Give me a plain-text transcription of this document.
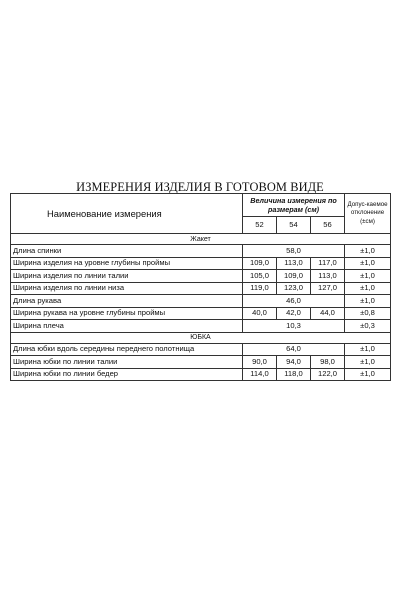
ИЗМЕРЕНИЯ ИЗДЕЛИЯ В ГОТОВОМ ВИДЕ
Наименование измерения	Величина измерения по размерам (см)			Допус-каемое отклонение (±см)
	52	54	56	
Жакет				
Длина спинки	58,0			±1,0
Ширина изделия на уровне глубины проймы	109,0	113,0	117,0	±1,0
Ширина изделия по линии талии	105,0	109,0	113,0	±1,0
Ширина изделия по линии низа	119,0	123,0	127,0	±1,0
Длина рукава	46,0			±1,0
Ширина рукава на уровне глубины проймы	40,0	42,0	44,0	±0,8
Ширина плеча	10,3			±0,3
ЮБКА				
Длина юбки вдоль середины переднего полотнища	64,0			±1,0
Ширина юбки по линии талии	90,0	94,0	98,0	±1,0
Ширина юбки по линии бедер	114,0	118,0	122,0	±1,0
